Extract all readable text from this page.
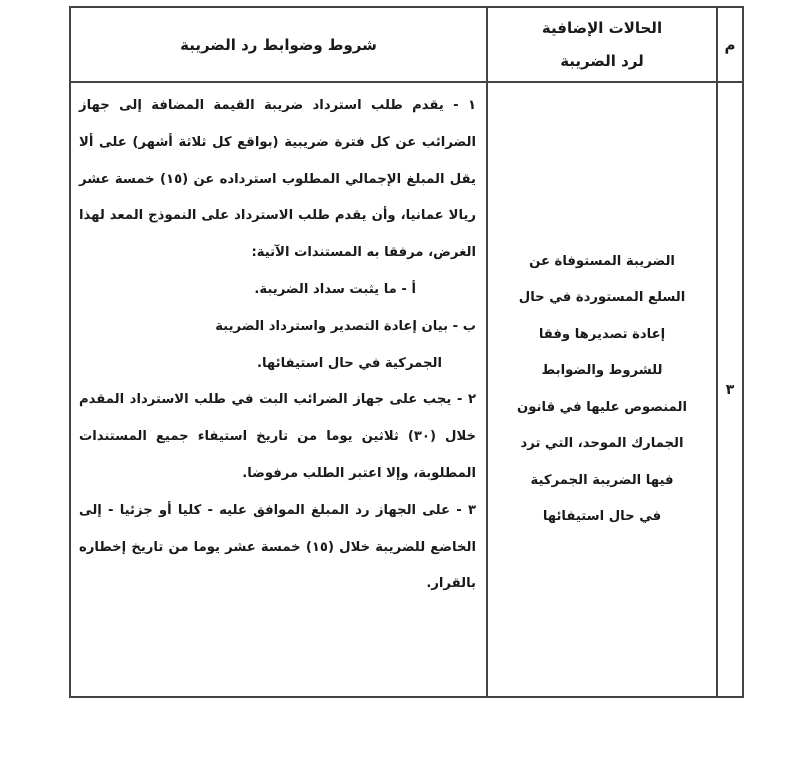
م
الحالات الإضافية
لرد الضريبة
شروط وضوابط رد الضريبة
٣
الضريبة المستوفاة عن
السلع المستوردة في حال
إعادة تصديرها وفقا
للشروط والضوابط
المنصوص عليها في قانون
الجمارك الموحد، التي ترد
فيها الضريبة الجمركية
في حال استيفائها

١ - يقدم طلب استرداد ضريبة القيمة المضافة إلى جهاز الضرائب عن كل فترة ضريبية (بواقع كل ثلاثة أشهر) على ألا يقل المبلغ الإجمالي المطلوب استرداده عن (١٥) خمسة عشر ريالا عمانيا، وأن يقدم طلب الاسترداد على النموذج المعد لهذا الغرض، مرفقا به المستندات الآتية:

أ - ما يثبت سداد الضريبة.

ب - بيان إعادة التصدير واسترداد الضريبة

الجمركية في حال استيفائها.

٢ - يجب على جهاز الضرائب البت في طلب الاسترداد المقدم خلال (٣٠) ثلاثين يوما من تاريخ استيفاء جميع المستندات المطلوبة، وإلا اعتبر الطلب مرفوضا.

٣ - على الجهاز رد المبلغ الموافق عليه - كليا أو جزئيا - إلى الخاضع للضريبة خلال (١٥) خمسة عشر يوما من تاريخ إخطاره بالقرار.
